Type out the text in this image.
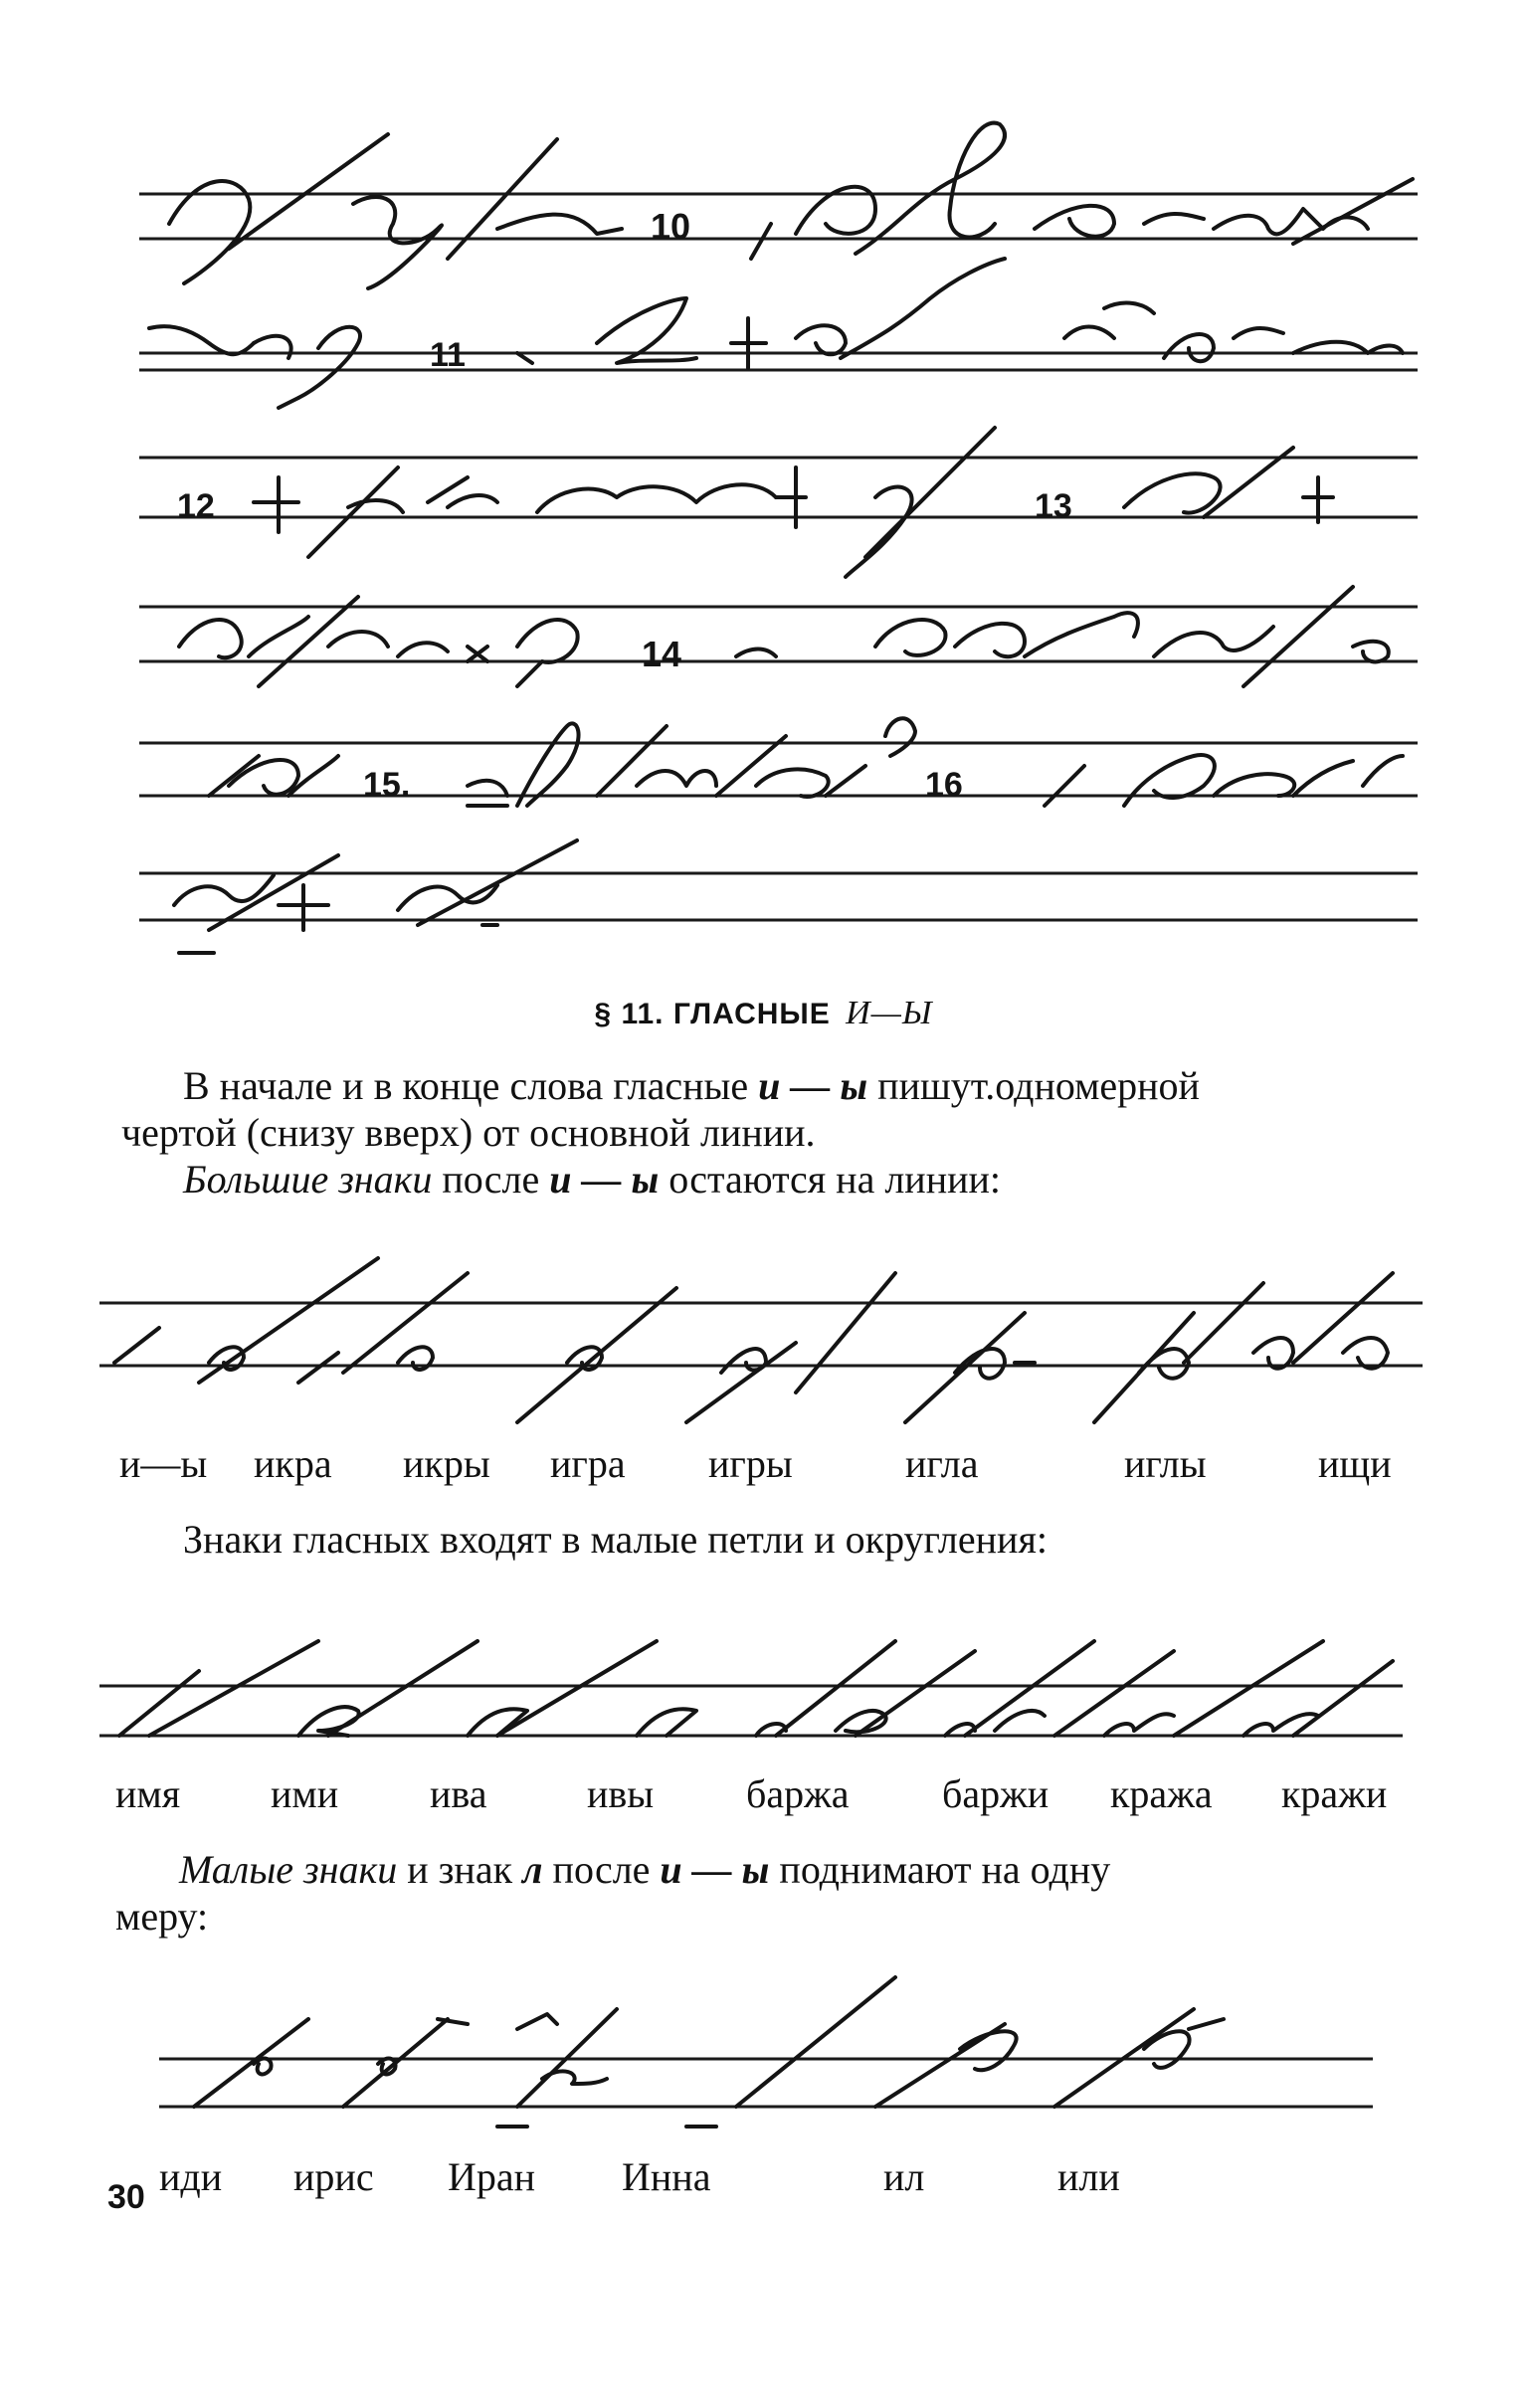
10
11
12	13
14
15.	16
§ 11. ГЛАСНЫЕ И—Ы
В начале и в конце слова гласные и — ы пишут.одномерной
чертой (снизу вверх) от основной линии.
Большие знаки после и — ы остаются на линии:
и—ы икра икры игра игры	игла	иглы	ищи
Знаки гласных входят в малые петли и округления:
имя ими ива	ивы баржа баржи кража кражи
Малые знаки и знак л после и — ы поднимают на одну
меру:
иди ирис Иран Инна	ил	или
30
